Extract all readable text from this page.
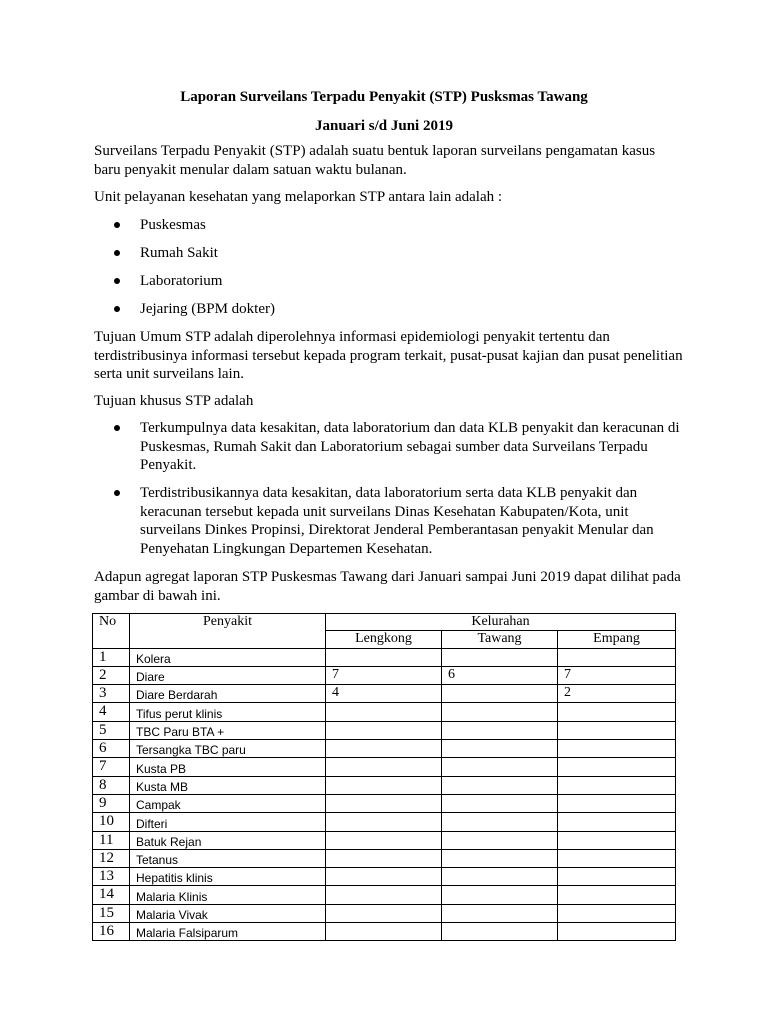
Laporan Surveilans Terpadu Penyakit (STP) Pusksmas Tawang
Januari s/d Juni 2019

Surveilans Terpadu Penyakit (STP) adalah suatu bentuk laporan surveilans pengamatan kasus baru penyakit menular dalam satuan waktu bulanan.

Unit pelayanan kesehatan yang melaporkan STP antara lain adalah :

Puskesmas

Rumah Sakit

Laboratorium

Jejaring (BPM dokter)

Tujuan Umum STP adalah diperolehnya informasi epidemiologi penyakit tertentu dan terdistribusinya informasi tersebut kepada program terkait, pusat-pusat kajian dan pusat penelitian serta unit surveilans lain.

Tujuan khusus STP adalah

Terkumpulnya data kesakitan, data laboratorium dan data KLB penyakit dan keracunan di Puskesmas, Rumah Sakit dan Laboratorium sebagai sumber data Surveilans Terpadu Penyakit.

Terdistribusikannya data kesakitan, data laboratorium serta data KLB penyakit dan keracunan tersebut kepada unit surveilans Dinas Kesehatan Kabupaten/Kota, unit surveilans Dinkes Propinsi, Direktorat Jenderal Pemberantasan penyakit Menular dan Penyehatan Lingkungan Departemen Kesehatan.

Adapun agregat laporan STP Puskesmas Tawang dari Januari sampai Juni 2019 dapat dilihat pada gambar di bawah ini.

No	Penyakit	Kelurahan		
		Lengkong	Tawang	Empang
1	Kolera			
2	Diare	7	6	7
3	Diare Berdarah	4		2
4	Tifus perut klinis			
5	TBC Paru BTA +			
6	Tersangka TBC paru			
7	Kusta PB			
8	Kusta MB			
9	Campak			
10	Difteri			
11	Batuk Rejan			
12	Tetanus			
13	Hepatitis klinis			
14	Malaria Klinis			
15	Malaria Vivak			
16	Malaria Falsiparum			
